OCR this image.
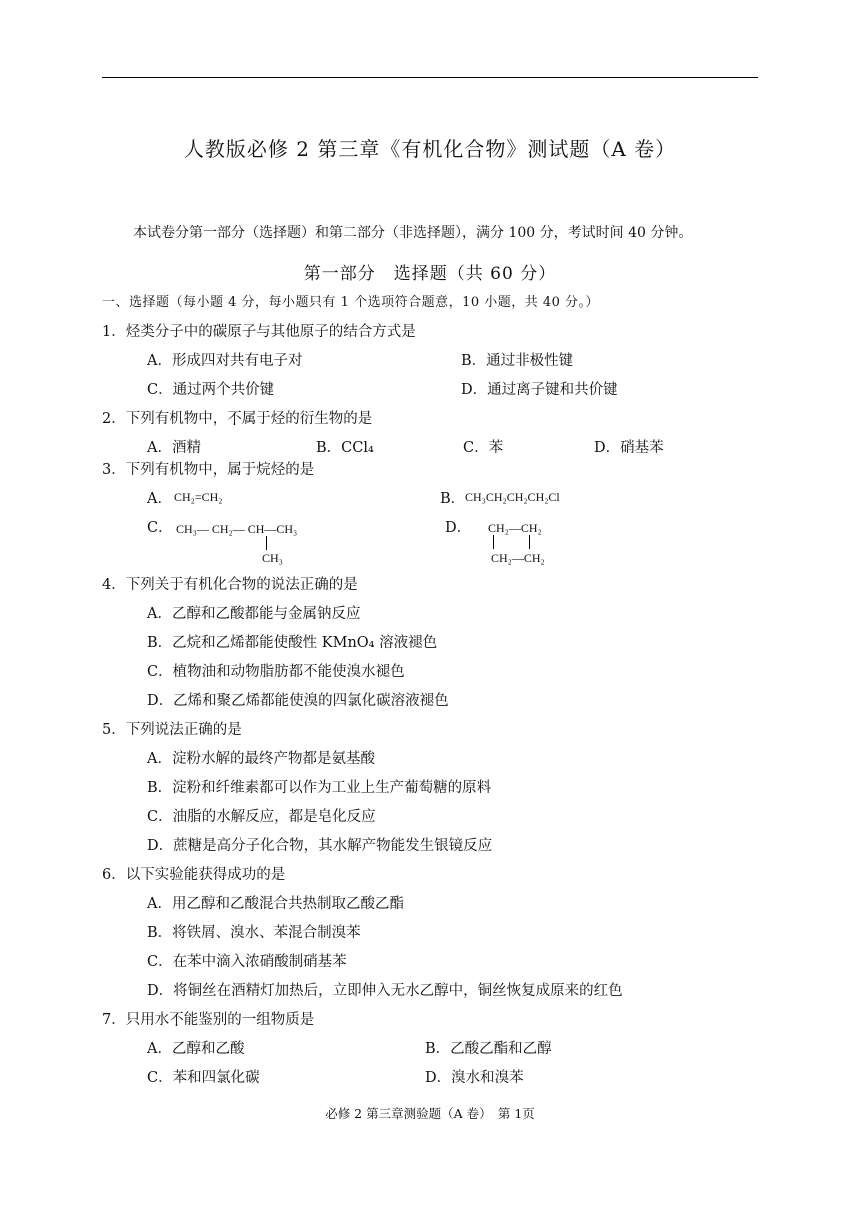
人教版必修 2 第三章《有机化合物》测试题（A 卷）
本试卷分第一部分（选择题）和第二部分（非选择题），满分 100 分，考试时间 40 分钟。
第一部分　选择题（共 60 分）
一、选择题（每小题 4 分，每小题只有 1 个选项符合题意，10 小题，共 40 分。）
1．烃类分子中的碳原子与其他原子的结合方式是
A．形成四对共有电子对	B．通过非极性键
C．通过两个共价键	D．通过离子键和共价键
2．下列有机物中，不属于烃的衍生物的是
A．酒精	B．CCl₄	C．苯	D．硝基苯
3．下列有机物中，属于烷烃的是
A． CH₂=CH₂	B． CH₃CH₂CH₂CH₂Cl
C． CH₃— CH₂— CH—CH₃
CH₃
D． CH₂—CH₂
CH₂—CH₂
4．下列关于有机化合物的说法正确的是
A．乙醇和乙酸都能与金属钠反应
B．乙烷和乙烯都能使酸性 KMnO₄ 溶液褪色
C．植物油和动物脂肪都不能使溴水褪色
D．乙烯和聚乙烯都能使溴的四氯化碳溶液褪色
5．下列说法正确的是
A．淀粉水解的最终产物都是氨基酸
B．淀粉和纤维素都可以作为工业上生产葡萄糖的原料
C．油脂的水解反应，都是皂化反应
D．蔗糖是高分子化合物，其水解产物能发生银镜反应
6．以下实验能获得成功的是
A．用乙醇和乙酸混合共热制取乙酸乙酯
B．将铁屑、溴水、苯混合制溴苯
C．在苯中滴入浓硝酸制硝基苯
D．将铜丝在酒精灯加热后，立即伸入无水乙醇中，铜丝恢复成原来的红色
7．只用水不能鉴别的一组物质是
A．乙醇和乙酸	B．乙酸乙酯和乙醇
C．苯和四氯化碳	D．溴水和溴苯
必修 2 第三章测验题（A 卷）　第 1页
